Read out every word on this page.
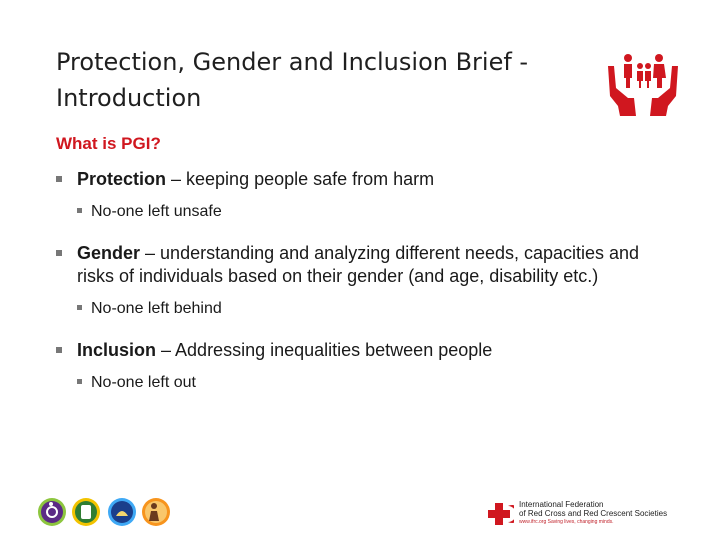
Protection, Gender and Inclusion Brief - Introduction
What is PGI?
Protection – keeping people safe from harm
No-one left unsafe
Gender – understanding and analyzing different needs, capacities and risks of individuals based on their gender (and age, disability etc.)
No-one left behind
Inclusion – Addressing inequalities between people
No-one left out
International Federation
of Red Cross and Red Crescent Societies
www.ifrc.org Saving lives, changing minds.
